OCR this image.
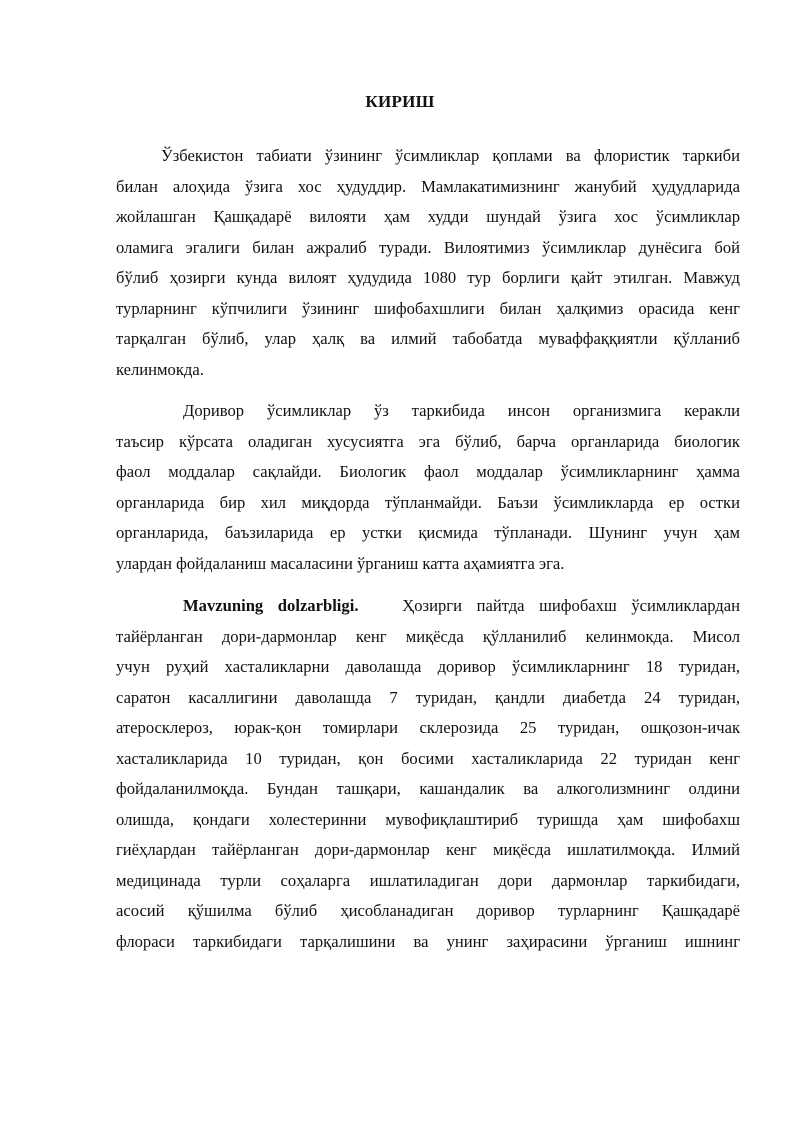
КИРИШ
Ўзбекистон табиати ўзининг ўсимликлар қоплами ва флористик таркиби
билан алоҳида ўзига хос ҳудуддир. Мамлакатимизнинг жанубий ҳудудларида
жойлашган Қашқадарё вилояти ҳам худди шундай ўзига хос ўсимликлар
оламига эгалиги билан ажралиб туради. Вилоятимиз ўсимликлар дунёсига бой
бўлиб ҳозирги кунда вилоят ҳудудида 1080 тур борлиги қайт этилган. Мавжуд
турларнинг кўпчилиги ўзининг шифобахшлиги билан ҳалқимиз орасида кенг
тарқалган бўлиб, улар ҳалқ ва илмий табобатда муваффаққиятли қўлланиб
келинмокда.
Доривор ўсимликлар ўз таркибида инсон организмига керакли
таъсир кўрсата оладиган хусусиятга эга бўлиб, барча органларида биологик
фаол моддалар сақлайди. Биологик фаол моддалар ўсимликларнинг ҳамма
органларида бир хил миқдорда тўпланмайди. Баъзи ўсимликларда ер остки
органларида, баъзиларида ер устки қисмида тўпланади. Шунинг учун ҳам
улардан фойдаланиш масаласини ўрганиш катта аҳамиятга эга.
Mavzuning dolzarbligi.	Ҳозирги пайтда шифобахш ўсимликлардан
тайёрланган дори-дармонлар кенг миқёсда қўлланилиб келинмокда. Мисол
учун руҳий хасталикларни даволашда доривор ўсимликларнинг 18 туридан,
саратон касаллигини даволашда 7 туридан, қандли диабетда 24 туридан,
атеросклероз, юрак-қон томирлари склерозида 25 туридан, ошқозон-ичак
хасталикларида 10 туридан, қон босими хасталикларида 22 туридан кенг
фойдаланилмоқда. Бундан ташқари, кашандалик ва алкоголизмнинг олдини
олишда, қондаги холестеринни мувофиқлаштириб туришда ҳам шифобахш
гиёҳлардан тайёрланган дори-дармонлар кенг миқёсда ишлатилмоқда. Илмий
медицинада турли соҳаларга ишлатиладиган дори дармонлар таркибидаги,
асосий қўшилма бўлиб ҳисобланадиган доривор турларнинг Қашқадарё
флораси таркибидаги тарқалишини ва унинг заҳирасини ўрганиш ишнинг
